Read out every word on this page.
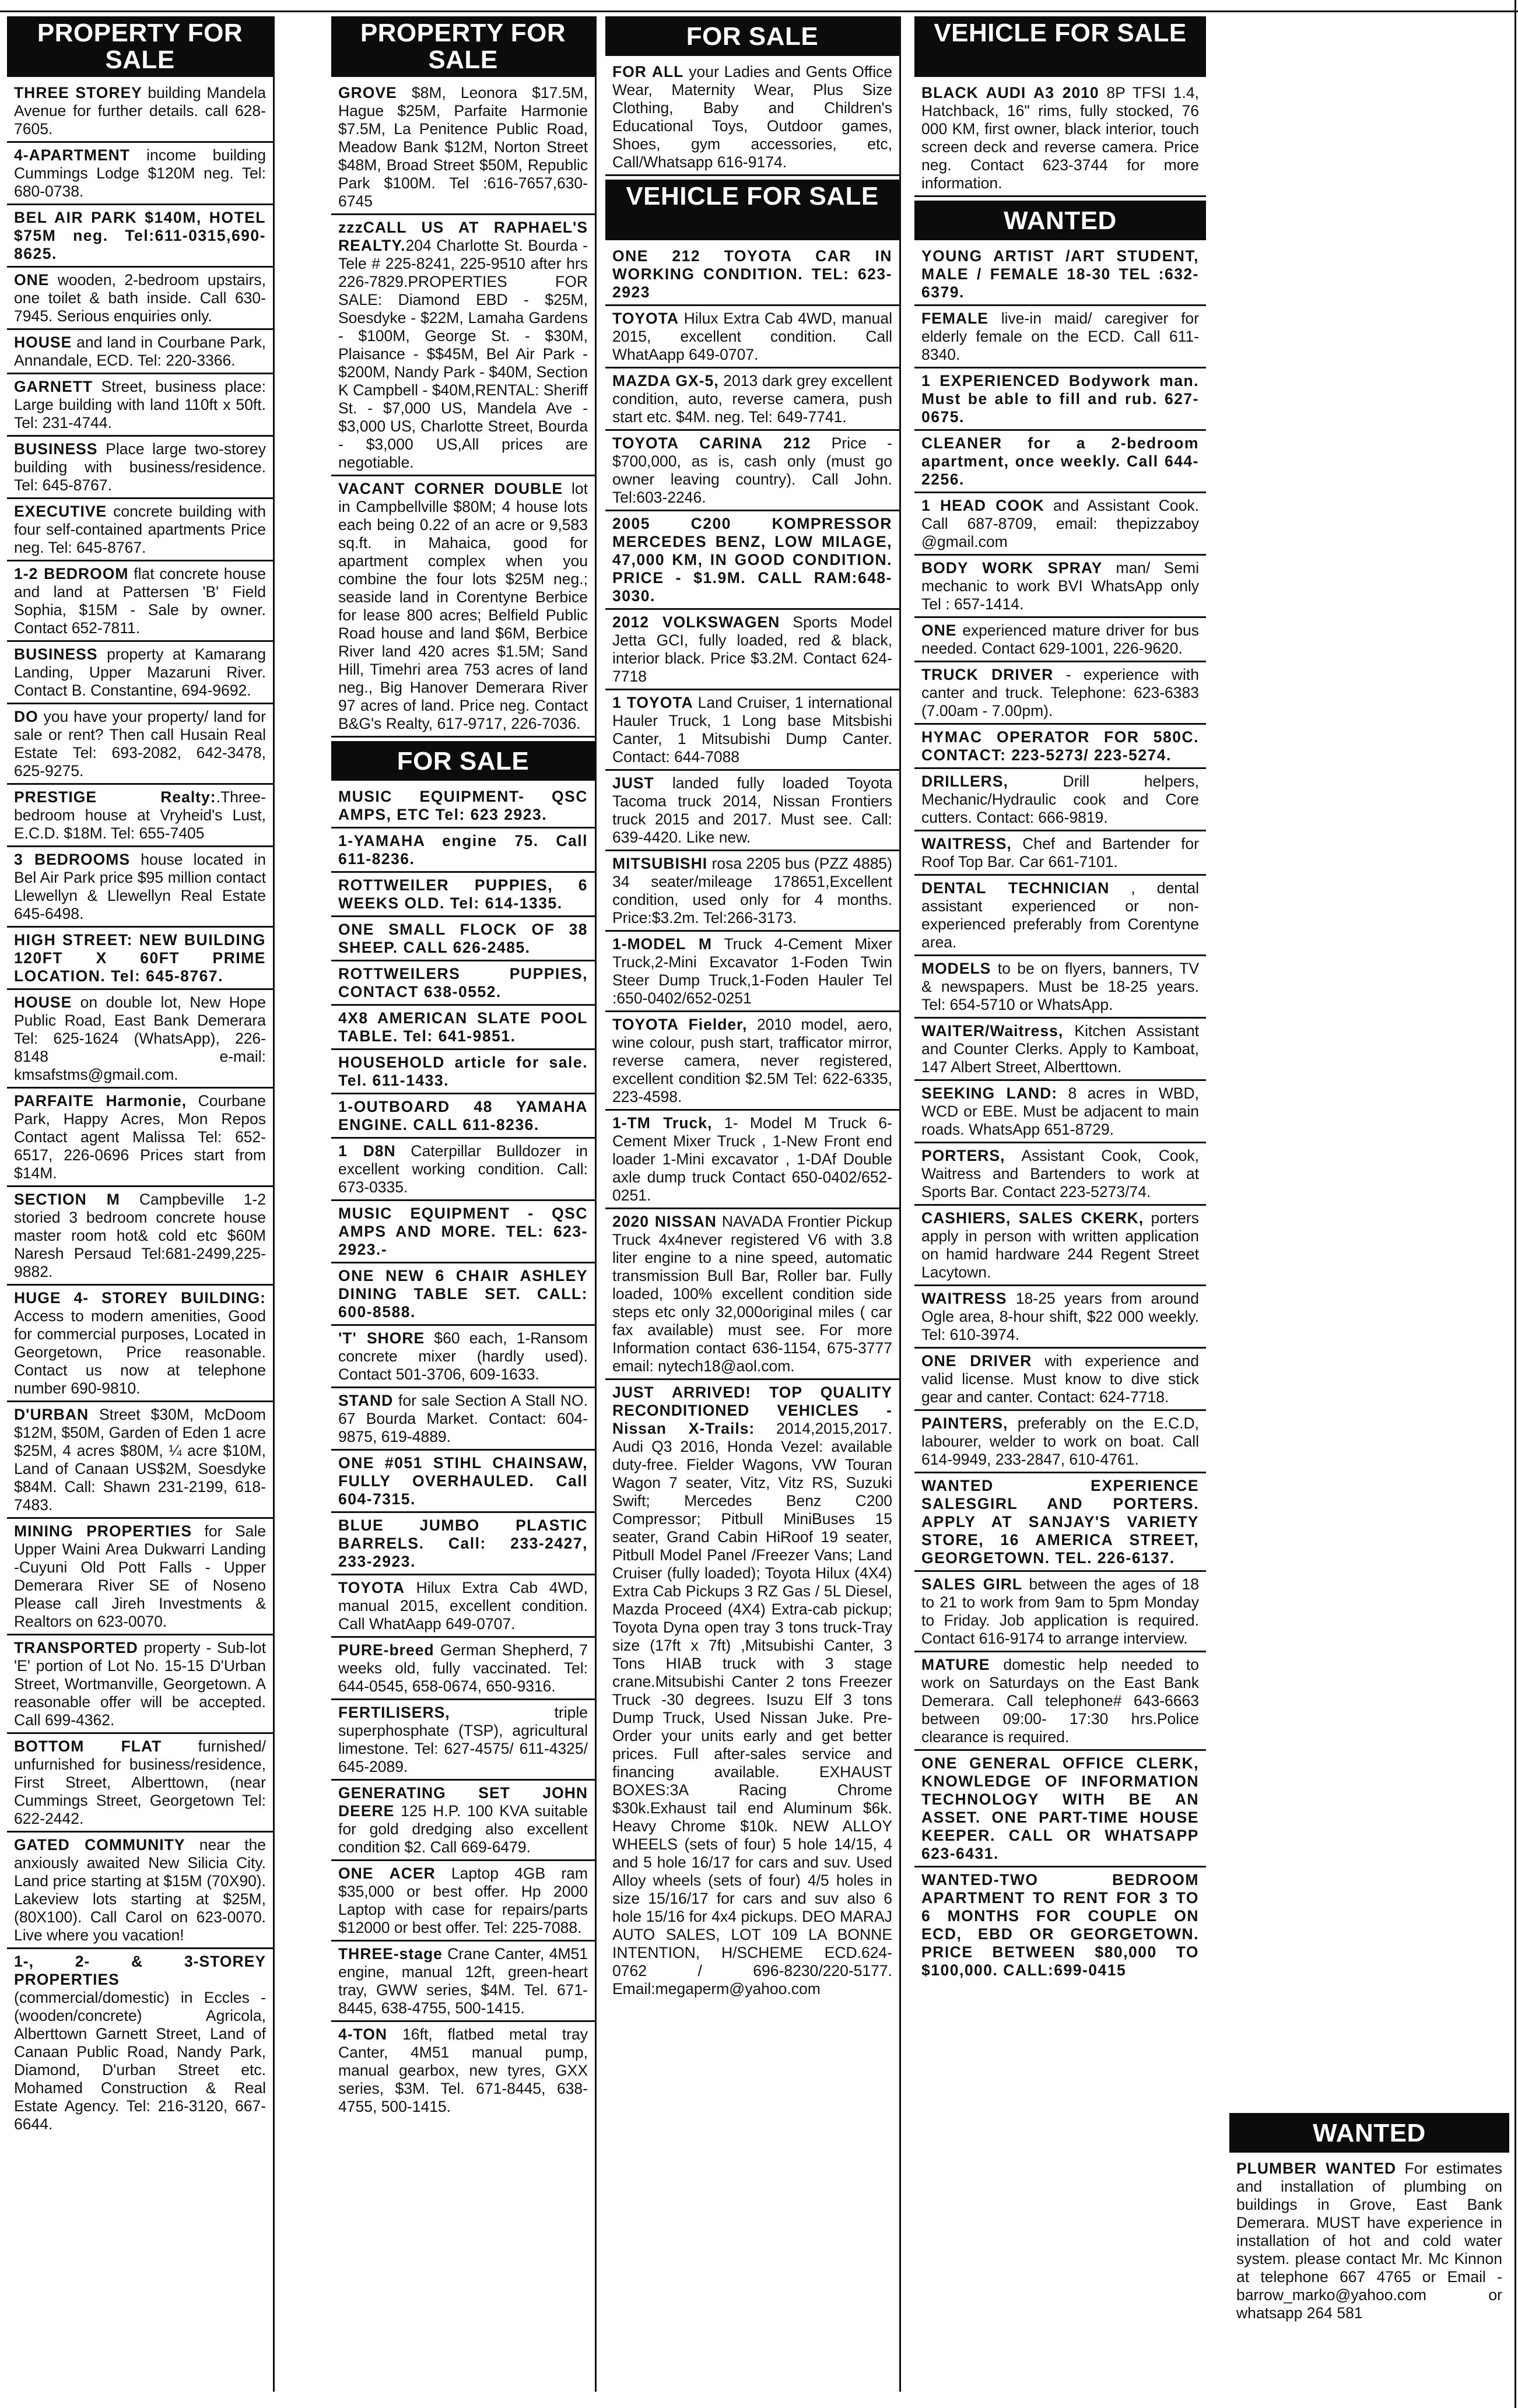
PROPERTY FOR SALE
THREE STOREY building Mandela Avenue for further details. call 628-7605.
4-APARTMENT income building Cummings Lodge $120M neg. Tel: 680-0738.
BEL AIR PARK $140M, HOTEL $75M neg. Tel:611-0315,690-8625.
ONE wooden, 2-bedroom upstairs, one toilet & bath inside. Call 630-7945. Serious enquiries only.
HOUSE and land in Courbane Park, Annandale, ECD. Tel: 220-3366.
GARNETT Street, business place: Large building with land 110ft x 50ft. Tel: 231-4744.
BUSINESS Place large two-storey building with business/residence. Tel: 645-8767.
EXECUTIVE concrete building with four self-contained apartments Price neg. Tel: 645-8767.
1-2 BEDROOM flat concrete house and land at Pattersen 'B' Field Sophia, $15M - Sale by owner. Contact 652-7811.
BUSINESS property at Kamarang Landing, Upper Mazaruni River. Contact B. Constantine, 694-9692.
DO you have your property/ land for sale or rent? Then call Husain Real Estate Tel: 693-2082, 642-3478, 625-9275.
PRESTIGE Realty:.Three-bedroom house at Vryheid's Lust, E.C.D. $18M. Tel: 655-7405
3 BEDROOMS house located in Bel Air Park price $95 million contact Llewellyn & Llewellyn Real Estate 645-6498.
HIGH STREET: NEW BUILDING 120FT X 60FT PRIME LOCATION. Tel: 645-8767.
HOUSE on double lot, New Hope Public Road, East Bank Demerara Tel: 625-1624 (WhatsApp), 226-8148 e-mail: kmsafstms@gmail.com.
PARFAITE Harmonie, Courbane Park, Happy Acres, Mon Repos Contact agent Malissa Tel: 652-6517, 226-0696 Prices start from $14M.
SECTION M Campbeville 1-2 storied 3 bedroom concrete house master room hot& cold etc $60M Naresh Persaud Tel:681-2499,225-9882.
HUGE 4- STOREY BUILDING: Access to modern amenities, Good for commercial purposes, Located in Georgetown, Price reasonable. Contact us now at telephone number 690-9810.
D'URBAN Street $30M, McDoom $12M, $50M, Garden of Eden 1 acre $25M, 4 acres $80M, ¼ acre $10M, Land of Canaan US$2M, Soesdyke $84M. Call: Shawn 231-2199, 618-7483.
MINING PROPERTIES for Sale Upper Waini Area Dukwarri Landing -Cuyuni Old Pott Falls - Upper Demerara River SE of Noseno Please call Jireh Investments & Realtors on 623-0070.
TRANSPORTED property - Sub-lot 'E' portion of Lot No. 15-15 D'Urban Street, Wortmanville, Georgetown. A reasonable offer will be accepted. Call 699-4362.
BOTTOM FLAT furnished/ unfurnished for business/residence, First Street, Alberttown, (near Cummings Street, Georgetown Tel: 622-2442.
GATED COMMUNITY near the anxiously awaited New Silicia City. Land price starting at $15M (70X90). Lakeview lots starting at $25M, (80X100). Call Carol on 623-0070. Live where you vacation!
1-, 2- & 3-STOREY PROPERTIES (commercial/domestic) in Eccles - (wooden/concrete) Agricola, Alberttown Garnett Street, Land of Canaan Public Road, Nandy Park, Diamond, D'urban Street etc. Mohamed Construction & Real Estate Agency. Tel: 216-3120, 667-6644.
PROPERTY FOR SALE
GROVE $8M, Leonora $17.5M, Hague $25M, Parfaite Harmonie $7.5M, La Penitence Public Road, Meadow Bank $12M, Norton Street $48M, Broad Street $50M, Republic Park $100M. Tel :616-7657,630-6745
zzzCALL US AT RAPHAEL'S REALTY.204 Charlotte St. Bourda - Tele # 225-8241, 225-9510 after hrs 226-7829.PROPERTIES FOR SALE: Diamond EBD - $25M, Soesdyke - $22M, Lamaha Gardens - $100M, George St. - $30M, Plaisance - $$45M, Bel Air Park - $200M, Nandy Park - $40M, Section K Campbell - $40M,RENTAL: Sheriff St. - $7,000 US, Mandela Ave - $3,000 US, Charlotte Street, Bourda - $3,000 US,All prices are negotiable.
VACANT CORNER DOUBLE lot in Campbellville $80M; 4 house lots each being 0.22 of an acre or 9,583 sq.ft. in Mahaica, good for apartment complex when you combine the four lots $25M neg.; seaside land in Corentyne Berbice for lease 800 acres; Belfield Public Road house and land $6M, Berbice River land 420 acres $1.5M; Sand Hill, Timehri area 753 acres of land neg., Big Hanover Demerara River 97 acres of land. Price neg. Contact B&G's Realty, 617-9717, 226-7036.
FOR SALE
MUSIC EQUIPMENT- QSC AMPS, ETC Tel: 623 2923.
1-YAMAHA engine 75. Call 611-8236.
ROTTWEILER PUPPIES, 6 WEEKS OLD. Tel: 614-1335.
ONE SMALL FLOCK OF 38 SHEEP. CALL 626-2485.
ROTTWEILERS PUPPIES, CONTACT 638-0552.
4X8 AMERICAN SLATE POOL TABLE. Tel: 641-9851.
HOUSEHOLD article for sale. Tel. 611-1433.
1-OUTBOARD 48 YAMAHA ENGINE. CALL 611-8236.
1 D8N Caterpillar Bulldozer in excellent working condition. Call: 673-0335.
MUSIC EQUIPMENT - QSC AMPS AND MORE. TEL: 623-2923.-
ONE NEW 6 CHAIR ASHLEY DINING TABLE SET. CALL: 600-8588.
'T' SHORE $60 each, 1-Ransom concrete mixer (hardly used). Contact 501-3706, 609-1633.
STAND for sale Section A Stall NO. 67 Bourda Market. Contact: 604-9875, 619-4889.
ONE #051 STIHL CHAINSAW, FULLY OVERHAULED. Call 604-7315.
BLUE JUMBO PLASTIC BARRELS. Call: 233-2427, 233-2923.
TOYOTA Hilux Extra Cab 4WD, manual 2015, excellent condition. Call WhatAapp 649-0707.
PURE-breed German Shepherd, 7 weeks old, fully vaccinated. Tel: 644-0545, 658-0674, 650-9316.
FERTILISERS, triple superphosphate (TSP), agricultural limestone. Tel: 627-4575/ 611-4325/ 645-2089.
GENERATING SET JOHN DEERE 125 H.P. 100 KVA suitable for gold dredging also excellent condition $2. Call 669-6479.
ONE ACER Laptop 4GB ram $35,000 or best offer. Hp 2000 Laptop with case for repairs/parts $12000 or best offer. Tel: 225-7088.
THREE-stage Crane Canter, 4M51 engine, manual 12ft, green-heart tray, GWW series, $4M. Tel. 671-8445, 638-4755, 500-1415.
4-TON 16ft, flatbed metal tray Canter, 4M51 manual pump, manual gearbox, new tyres, GXX series, $3M. Tel. 671-8445, 638-4755, 500-1415.
FOR SALE
FOR ALL your Ladies and Gents Office Wear, Maternity Wear, Plus Size Clothing, Baby and Children's Educational Toys, Outdoor games, Shoes, gym accessories, etc, Call/Whatsapp 616-9174.
VEHICLE FOR SALE
ONE 212 TOYOTA CAR IN WORKING CONDITION. TEL: 623-2923
TOYOTA Hilux Extra Cab 4WD, manual 2015, excellent condition. Call WhatAapp 649-0707.
MAZDA GX-5, 2013 dark grey excellent condition, auto, reverse camera, push start etc. $4M. neg. Tel: 649-7741.
TOYOTA CARINA 212 Price - $700,000, as is, cash only (must go owner leaving country). Call John. Tel:603-2246.
2005 C200 KOMPRESSOR MERCEDES BENZ, LOW MILAGE, 47,000 KM, IN GOOD CONDITION. PRICE - $1.9M. CALL RAM:648-3030.
2012 VOLKSWAGEN Sports Model Jetta GCI, fully loaded, red & black, interior black. Price $3.2M. Contact 624-7718
1 TOYOTA Land Cruiser, 1 international Hauler Truck, 1 Long base Mitsbishi Canter, 1 Mitsubishi Dump Canter. Contact: 644-7088
JUST landed fully loaded Toyota Tacoma truck 2014, Nissan Frontiers truck 2015 and 2017. Must see. Call: 639-4420. Like new.
MITSUBISHI rosa 2205 bus (PZZ 4885) 34 seater/mileage 178651,Excellent condition, used only for 4 months. Price:$3.2m. Tel:266-3173.
1-MODEL M Truck 4-Cement Mixer Truck,2-Mini Excavator 1-Foden Twin Steer Dump Truck,1-Foden Hauler Tel :650-0402/652-0251
TOYOTA Fielder, 2010 model, aero, wine colour, push start, trafficator mirror, reverse camera, never registered, excellent condition $2.5M Tel: 622-6335, 223-4598.
1-TM Truck, 1- Model M Truck 6-Cement Mixer Truck , 1-New Front end loader 1-Mini excavator , 1-DAf Double axle dump truck Contact 650-0402/652-0251.
2020 NISSAN NAVADA Frontier Pickup Truck 4x4never registered V6 with 3.8 liter engine to a nine speed, automatic transmission Bull Bar, Roller bar. Fully loaded, 100% excellent condition side steps etc only 32,000original miles ( car fax available) must see. For more Information contact 636-1154, 675-3777 email: nytech18@aol.com.
JUST ARRIVED! TOP QUALITY RECONDITIONED VEHICLES - Nissan X-Trails: 2014,2015,2017. Audi Q3 2016, Honda Vezel: available duty-free. Fielder Wagons, VW Touran Wagon 7 seater, Vitz, Vitz RS, Suzuki Swift; Mercedes Benz C200 Compressor; Pitbull MiniBuses 15 seater, Grand Cabin HiRoof 19 seater, Pitbull Model Panel /Freezer Vans; Land Cruiser (fully loaded); Toyota Hilux (4X4) Extra Cab Pickups 3 RZ Gas / 5L Diesel, Mazda Proceed (4X4) Extra-cab pickup; Toyota Dyna open tray 3 tons truck-Tray size (17ft x 7ft) ,Mitsubishi Canter, 3 Tons HIAB truck with 3 stage crane.Mitsubishi Canter 2 tons Freezer Truck -30 degrees. Isuzu Elf 3 tons Dump Truck, Used Nissan Juke. Pre-Order your units early and get better prices. Full after-sales service and financing available. EXHAUST BOXES:3A Racing Chrome $30k.Exhaust tail end Aluminum $6k. Heavy Chrome $10k. NEW ALLOY WHEELS (sets of four) 5 hole 14/15, 4 and 5 hole 16/17 for cars and suv. Used Alloy wheels (sets of four) 4/5 holes in size 15/16/17 for cars and suv also 6 hole 15/16 for 4x4 pickups. DEO MARAJ AUTO SALES, LOT 109 LA BONNE INTENTION, H/SCHEME ECD.624-0762 / 696-8230/220-5177. Email:megaperm@yahoo.com
VEHICLE FOR SALE
BLACK AUDI A3 2010 8P TFSI 1.4, Hatchback, 16" rims, fully stocked, 76 000 KM, first owner, black interior, touch screen deck and reverse camera. Price neg. Contact 623-3744 for more information.
WANTED
YOUNG ARTIST /ART STUDENT, MALE / FEMALE 18-30 TEL :632-6379.
FEMALE live-in maid/ caregiver for elderly female on the ECD. Call 611-8340.
1 EXPERIENCED Bodywork man. Must be able to fill and rub. 627-0675.
CLEANER for a 2-bedroom apartment, once weekly. Call 644-2256.
1 HEAD COOK and Assistant Cook. Call 687-8709, email: thepizzaboy @gmail.com
BODY WORK SPRAY man/ Semi mechanic to work BVI WhatsApp only Tel : 657-1414.
ONE experienced mature driver for bus needed. Contact 629-1001, 226-9620.
TRUCK DRIVER - experience with canter and truck. Telephone: 623-6383 (7.00am - 7.00pm).
HYMAC OPERATOR FOR 580C. CONTACT: 223-5273/ 223-5274.
DRILLERS, Drill helpers, Mechanic/Hydraulic cook and Core cutters. Contact: 666-9819.
WAITRESS, Chef and Bartender for Roof Top Bar. Car 661-7101.
DENTAL TECHNICIAN , dental assistant experienced or non-experienced preferably from Corentyne area.
MODELS to be on flyers, banners, TV & newspapers. Must be 18-25 years. Tel: 654-5710 or WhatsApp.
WAITER/Waitress, Kitchen Assistant and Counter Clerks. Apply to Kamboat, 147 Albert Street, Alberttown.
SEEKING LAND: 8 acres in WBD, WCD or EBE. Must be adjacent to main roads. WhatsApp 651-8729.
PORTERS, Assistant Cook, Cook, Waitress and Bartenders to work at Sports Bar. Contact 223-5273/74.
CASHIERS, SALES CKERK, porters apply in person with written application on hamid hardware 244 Regent Street Lacytown.
WAITRESS 18-25 years from around Ogle area, 8-hour shift, $22 000 weekly. Tel: 610-3974.
ONE DRIVER with experience and valid license. Must know to dive stick gear and canter. Contact: 624-7718.
PAINTERS, preferably on the E.C.D, labourer, welder to work on boat. Call 614-9949, 233-2847, 610-4761.
WANTED EXPERIENCE SALESGIRL AND PORTERS. APPLY AT SANJAY'S VARIETY STORE, 16 AMERICA STREET, GEORGETOWN. TEL. 226-6137.
SALES GIRL between the ages of 18 to 21 to work from 9am to 5pm Monday to Friday. Job application is required. Contact 616-9174 to arrange interview.
MATURE domestic help needed to work on Saturdays on the East Bank Demerara. Call telephone# 643-6663 between 09:00- 17:30 hrs.Police clearance is required.
ONE GENERAL OFFICE CLERK, KNOWLEDGE OF INFORMATION TECHNOLOGY WITH BE AN ASSET. ONE PART-TIME HOUSE KEEPER. CALL OR WHATSAPP 623-6431.
WANTED-TWO BEDROOM APARTMENT TO RENT FOR 3 TO 6 MONTHS FOR COUPLE ON ECD, EBD OR GEORGETOWN. PRICE BETWEEN $80,000 TO $100,000. CALL:699-0415
WANTED
PLUMBER WANTED For estimates and installation of plumbing on buildings in Grove, East Bank Demerara. MUST have experience in installation of hot and cold water system. please contact Mr. Mc Kinnon at telephone 667 4765 or Email - barrow_marko@yahoo.com or whatsapp 264 581
